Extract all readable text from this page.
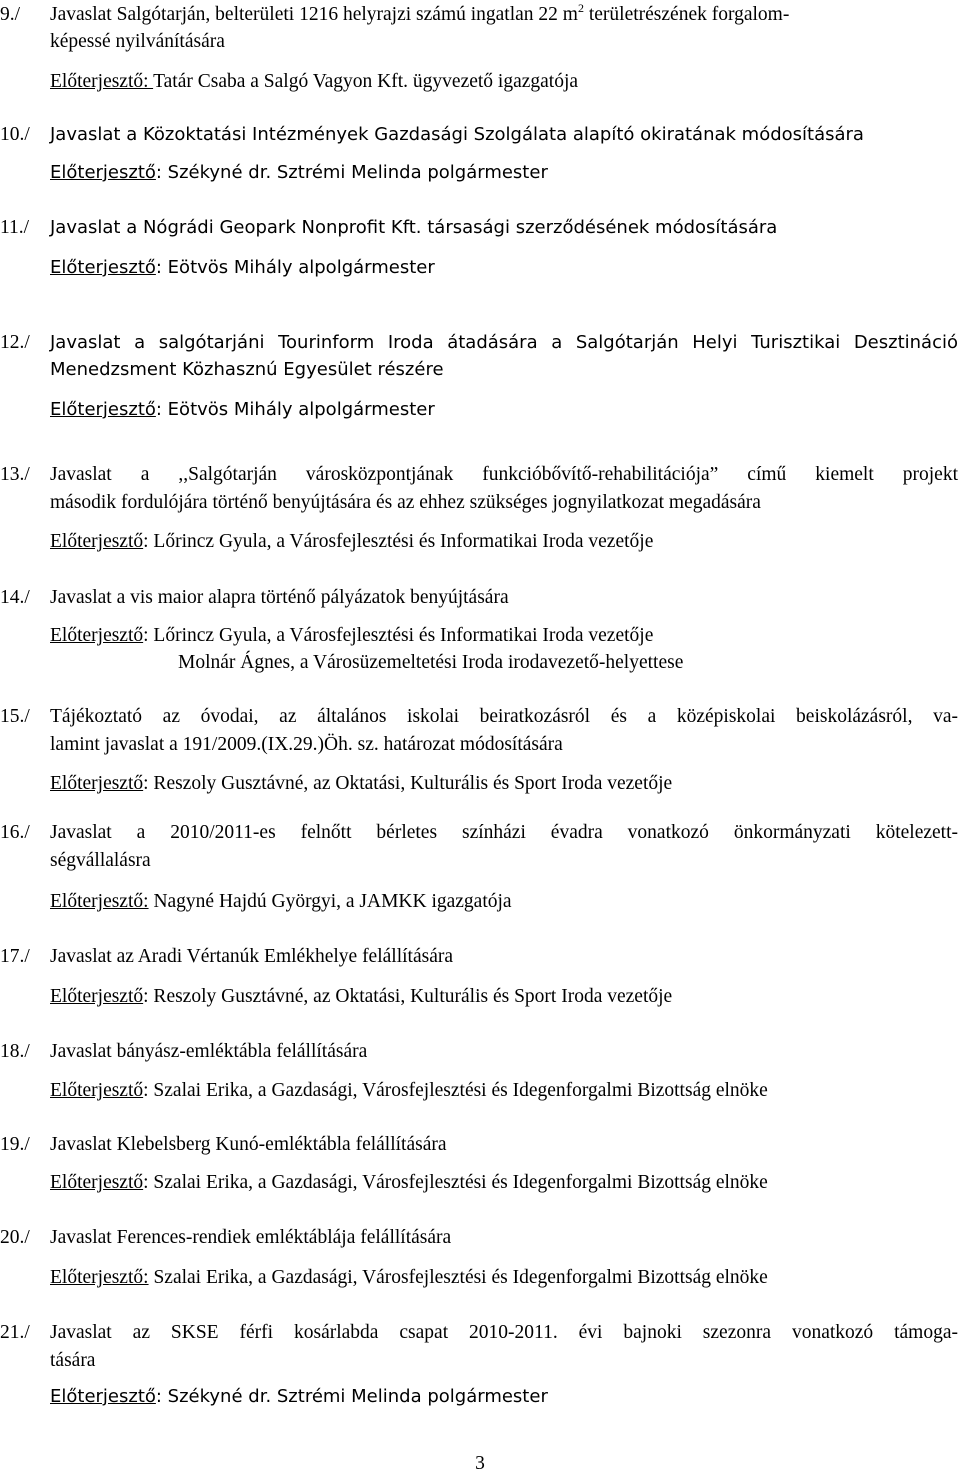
9./ Javaslat Salgótarján, belterületi 1216 helyrajzi számú ingatlan 22 $m^2$ területrészének forgalom-
képessé nyilvánítására
Előterjesztő: Tatár Csaba a Salgó Vagyon Kft. ügyvezető igazgatója
10./ Javaslat a Közoktatási Intézmények Gazdasági Szolgálata alapító okiratának módosítására
Előterjesztő: Székyné dr. Sztrémi Melinda polgármester
11./ Javaslat a Nógrádi Geopark Nonprofit Kft. társasági szerződésének módosítására
Előterjesztő: Eötvös Mihály alpolgármester
12./ Javaslat a salgótarjáni Tourinform Iroda átadására a Salgótarján Helyi Turisztikai Desztináció
Menedzsment Közhasznú Egyesület részére
Előterjesztő: Eötvös Mihály alpolgármester
13./ Javaslat a ,,Salgótarján városközpontjának funkcióbővítő-rehabilitációja” című kiemelt projekt
második fordulójára történő benyújtására és az ehhez szükséges jognyilatkozat megadására
Előterjesztő: Lőrincz Gyula, a Városfejlesztési és Informatikai Iroda vezetője
14./ Javaslat a vis maior alapra történő pályázatok benyújtására
Előterjesztő: Lőrincz Gyula, a Városfejlesztési és Informatikai Iroda vezetője
Molnár Ágnes, a Városüzemeltetési Iroda irodavezető-helyettese
15./ Tájékoztató az óvodai, az általános iskolai beiratkozásról és a középiskolai beiskolázásról, va-
lamint javaslat a 191/2009.(IX.29.)Öh. sz. határozat módosítására
Előterjesztő: Reszoly Gusztávné, az Oktatási, Kulturális és Sport Iroda vezetője
16./ Javaslat a 2010/2011-es felnőtt bérletes színházi évadra vonatkozó önkormányzati kötelezett-
ségvállalásra
Előterjesztő: Nagyné Hajdú Györgyi, a JAMKK igazgatója
17./ Javaslat az Aradi Vértanúk Emlékhelye felállítására
Előterjesztő: Reszoly Gusztávné, az Oktatási, Kulturális és Sport Iroda vezetője
18./ Javaslat bányász-emléktábla felállítására
Előterjesztő: Szalai Erika, a Gazdasági, Városfejlesztési és Idegenforgalmi Bizottság elnöke
19./ Javaslat Klebelsberg Kunó-emléktábla felállítására
Előterjesztő: Szalai Erika, a Gazdasági, Városfejlesztési és Idegenforgalmi Bizottság elnöke
20./ Javaslat Ferences-rendiek emléktáblája felállítására
Előterjesztő: Szalai Erika, a Gazdasági, Városfejlesztési és Idegenforgalmi Bizottság elnöke
21./ Javaslat az SKSE férfi kosárlabda csapat 2010-2011. évi bajnoki szezonra vonatkozó támoga-
tására
Előterjesztő: Székyné dr. Sztrémi Melinda polgármester
3
